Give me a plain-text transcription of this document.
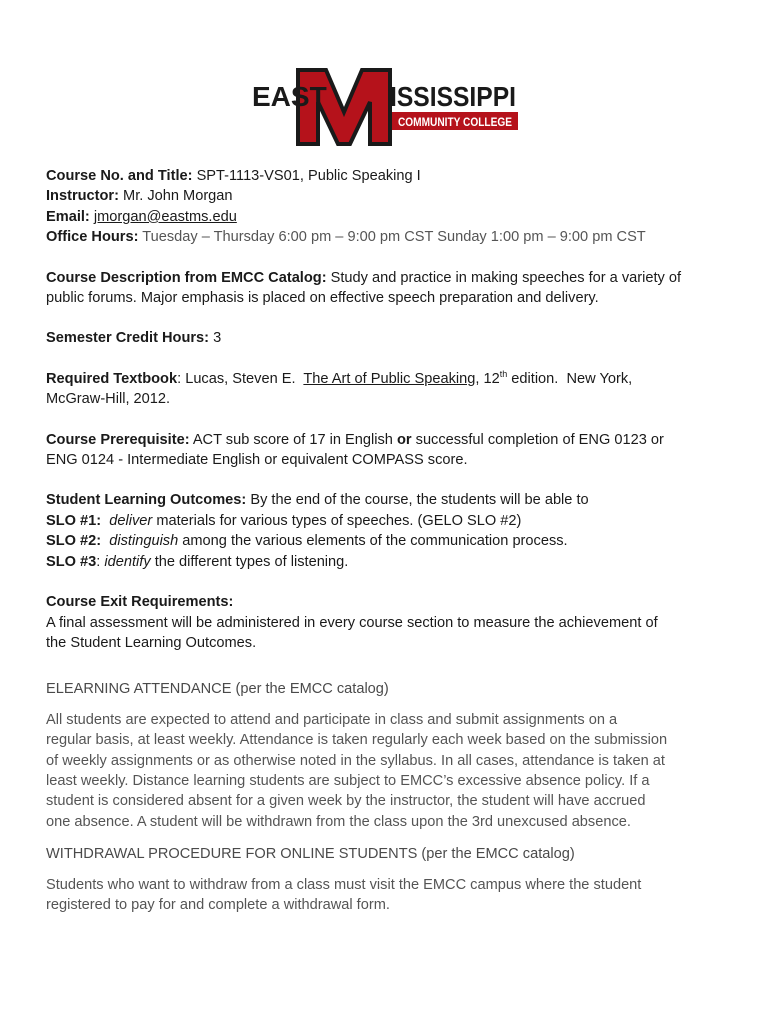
EAST ISSISSIPPI
COMMUNITY COLLEGE
Course No. and Title: SPT-1113-VS01, Public Speaking I
Instructor: Mr. John Morgan
Email: jmorgan@eastms.edu
Office Hours: Tuesday – Thursday 6:00 pm – 9:00 pm CST Sunday 1:00 pm – 9:00 pm CST
Course Description from EMCC Catalog: Study and practice in making speeches for a variety of
public forums. Major emphasis is placed on effective speech preparation and delivery.
Semester Credit Hours: 3
Required Textbook: Lucas, Steven E.  The Art of Public Speaking, 12th edition.  New York,
McGraw-Hill, 2012.
Course Prerequisite: ACT sub score of 17 in English or successful completion of ENG 0123 or
ENG 0124 - Intermediate English or equivalent COMPASS score.
Student Learning Outcomes: By the end of the course, the students will be able to
SLO #1: deliver materials for various types of speeches. (GELO SLO #2)
SLO #2: distinguish among the various elements of the communication process.
SLO #3: identify the different types of listening.
Course Exit Requirements:
A final assessment will be administered in every course section to measure the achievement of
the Student Learning Outcomes.
ELEARNING ATTENDANCE (per the EMCC catalog)
All students are expected to attend and participate in class and submit assignments on a
regular basis, at least weekly. Attendance is taken regularly each week based on the submission
of weekly assignments or as otherwise noted in the syllabus. In all cases, attendance is taken at
least weekly. Distance learning students are subject to EMCC’s excessive absence policy. If a
student is considered absent for a given week by the instructor, the student will have accrued
one absence. A student will be withdrawn from the class upon the 3rd unexcused absence.
WITHDRAWAL PROCEDURE FOR ONLINE STUDENTS (per the EMCC catalog)
Students who want to withdraw from a class must visit the EMCC campus where the student
registered to pay for and complete a withdrawal form.
